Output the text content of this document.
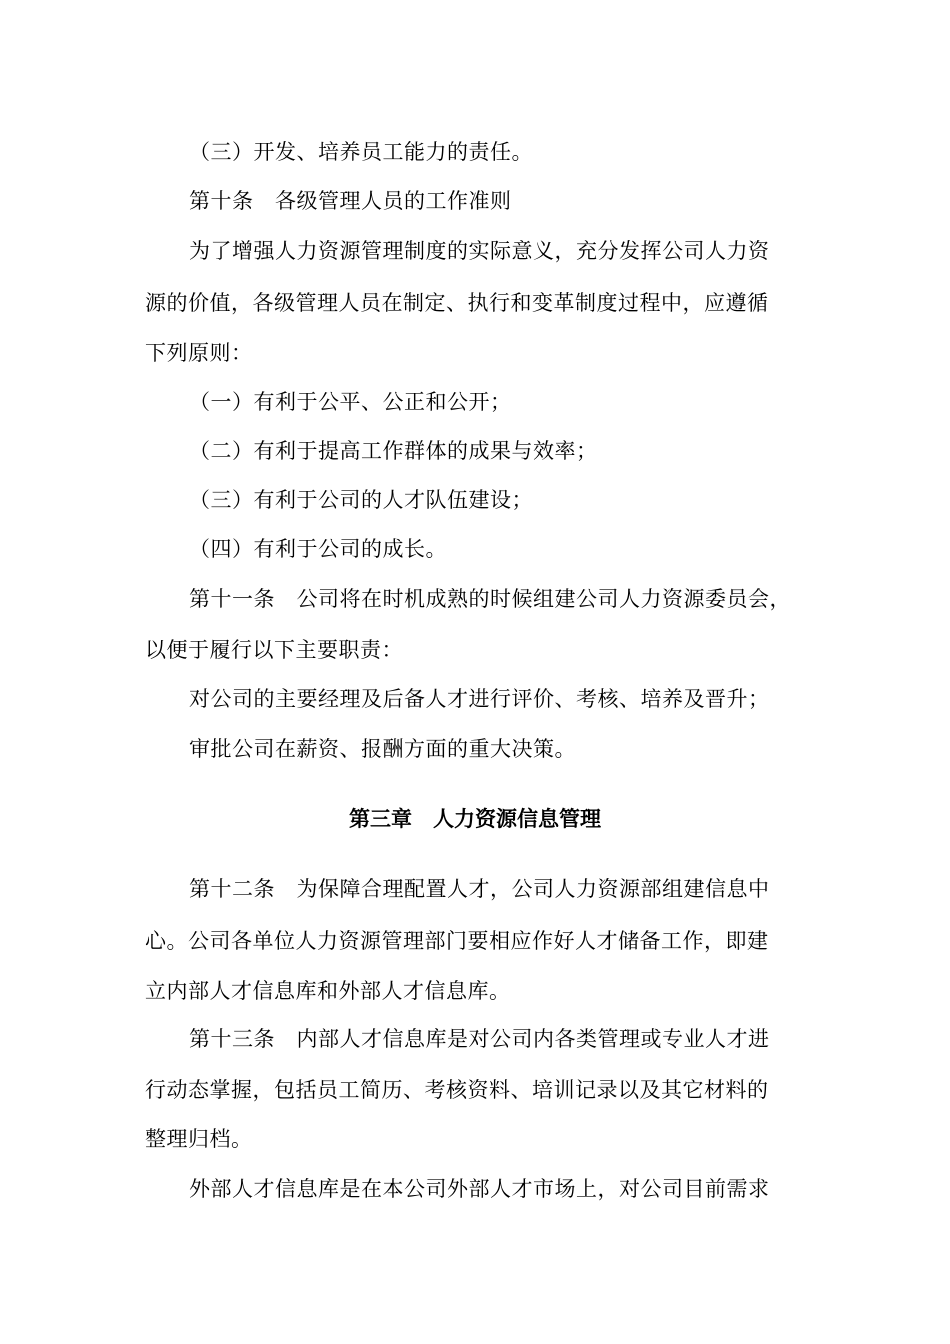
（三）开发、培养员工能力的责任。
第十条　各级管理人员的工作准则
为了增强人力资源管理制度的实际意义，充分发挥公司人力资
源的价值，各级管理人员在制定、执行和变革制度过程中，应遵循
下列原则：
（一）有利于公平、公正和公开；
（二）有利于提高工作群体的成果与效率；
（三）有利于公司的人才队伍建设；
（四）有利于公司的成长。
第十一条　公司将在时机成熟的时候组建公司人力资源委员会，
以便于履行以下主要职责：
对公司的主要经理及后备人才进行评价、考核、培养及晋升；
审批公司在薪资、报酬方面的重大决策。
第三章　人力资源信息管理
第十二条　为保障合理配置人才，公司人力资源部组建信息中
心。公司各单位人力资源管理部门要相应作好人才储备工作，即建
立内部人才信息库和外部人才信息库。
第十三条　内部人才信息库是对公司内各类管理或专业人才进
行动态掌握，包括员工简历、考核资料、培训记录以及其它材料的
整理归档。
外部人才信息库是在本公司外部人才市场上，对公司目前需求
